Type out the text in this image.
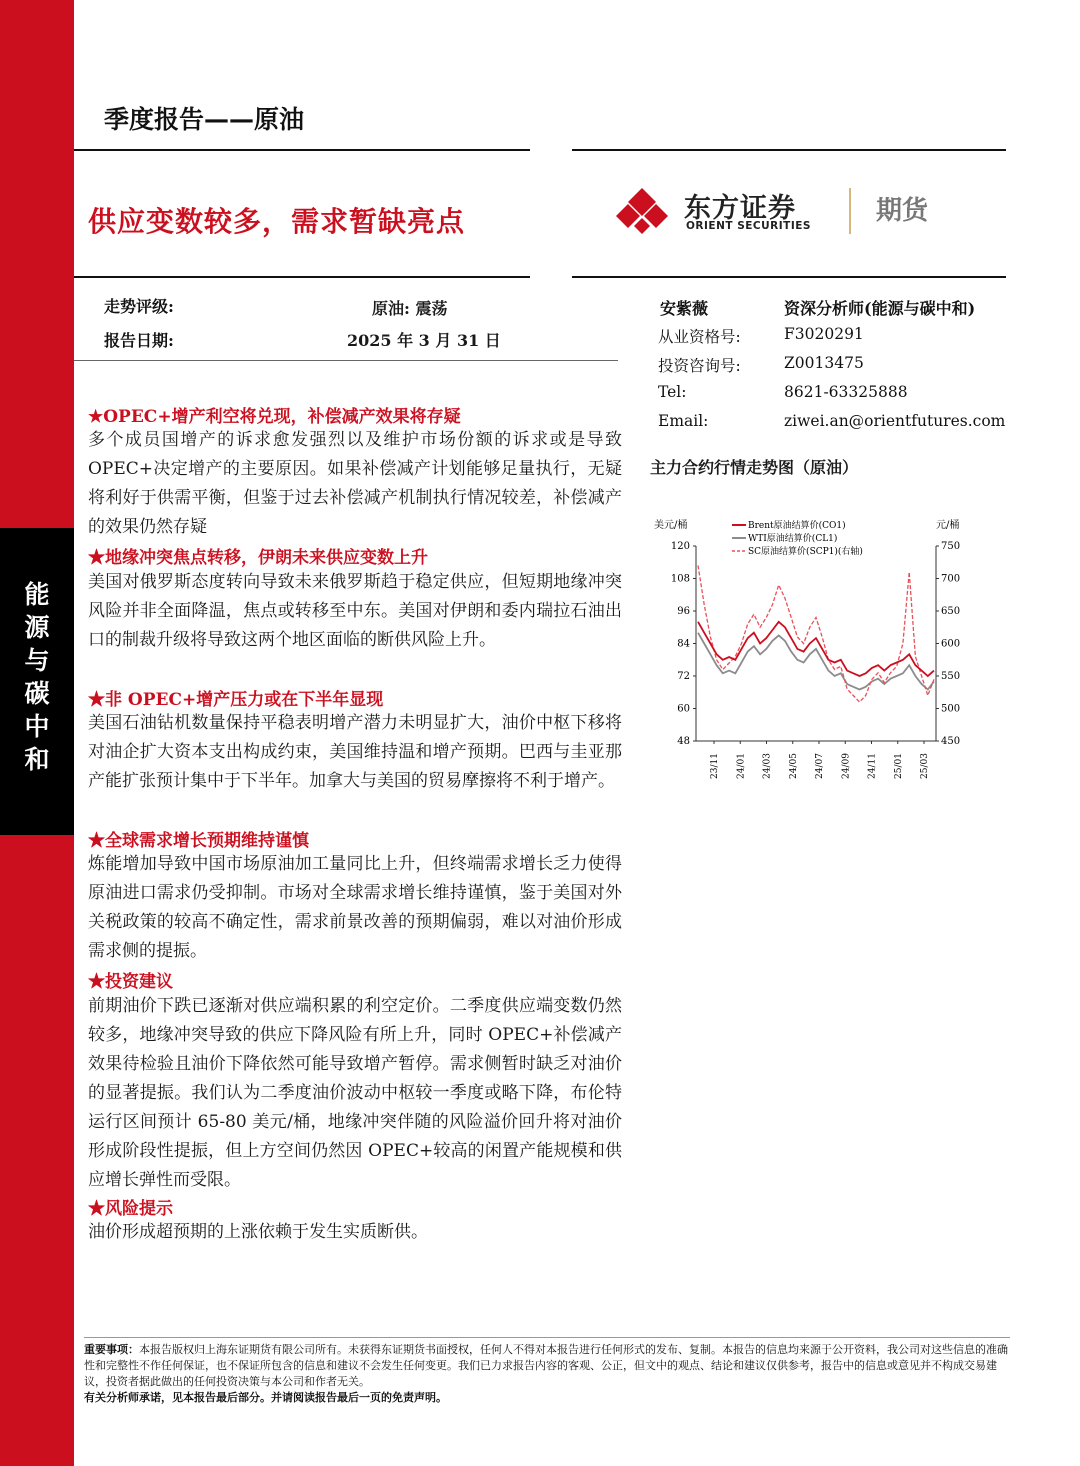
能
源
与
碳
中
和
季度报告——原油
供应变数较多，需求暂缺亮点	东方证券
ORIENT SECURITIES	期货
走势评级:	原油: 震荡
报告日期:	2025 年 3 月 31 日
安紫薇	资深分析师(能源与碳中和)
从业资格号:	F3020291
投资咨询号:	Z0013475
Tel:	8621-63325888
Email:	ziwei.an@orientfutures.com
★OPEC+增产利空将兑现，补偿减产效果将存疑

多个成员国增产的诉求愈发强烈以及维护市场份额的诉求或是导致 OPEC+决定增产的主要原因。如果补偿减产计划能够足量执行，无疑将利好于供需平衡，但鉴于过去补偿减产机制执行情况较差，补偿减产的效果仍然存疑

★地缘冲突焦点转移，伊朗未来供应变数上升

美国对俄罗斯态度转向导致未来俄罗斯趋于稳定供应，但短期地缘冲突风险并非全面降温，焦点或转移至中东。美国对伊朗和委内瑞拉石油出口的制裁升级将导致这两个地区面临的断供风险上升。

★非 OPEC+增产压力或在下半年显现

美国石油钻机数量保持平稳表明增产潜力未明显扩大，油价中枢下移将对油企扩大资本支出构成约束，美国维持温和增产预期。巴西与圭亚那产能扩张预计集中于下半年。加拿大与美国的贸易摩擦将不利于增产。

★全球需求增长预期维持谨慎

炼能增加导致中国市场原油加工量同比上升，但终端需求增长乏力使得原油进口需求仍受抑制。市场对全球需求增长维持谨慎，鉴于美国对外关税政策的较高不确定性，需求前景改善的预期偏弱，难以对油价形成需求侧的提振。

★投资建议

前期油价下跌已逐渐对供应端积累的利空定价。二季度供应端变数仍然较多，地缘冲突导致的供应下降风险有所上升，同时 OPEC+补偿减产效果待检验且油价下降依然可能导致增产暂停。需求侧暂时缺乏对油价的显著提振。我们认为二季度油价波动中枢较一季度或略下降，布伦特运行区间预计 65-80 美元/桶，地缘冲突伴随的风险溢价回升将对油价形成阶段性提振，但上方空间仍然因 OPEC+较高的闲置产能规模和供应增长弹性而受限。

★风险提示

油价形成超预期的上涨依赖于发生实质断供。

主力合约行情走势图（原油）
美元/桶	元/桶
Brent原油结算价(CO1)
WTI原油结算价(CL1)
SC原油结算价(SCP1)(右轴)
48
60
72
84
96
108
120
450
500
550
600
650
700
750
23/11 24/01 24/03 24/05 24/07 24/09 24/11 25/01 25/03
重要事项：本报告版权归上海东证期货有限公司所有。未获得东证期货书面授权，任何人不得对本报告进行任何形式的发布、复制。本报告的信息均来源于公开资料，我公司对这些信息的准确性和完整性不作任何保证，也不保证所包含的信息和建议不会发生任何变更。我们已力求报告内容的客观、公正，但文中的观点、结论和建议仅供参考，报告中的信息或意见并不构成交易建议，投资者据此做出的任何投资决策与本公司和作者无关。
有关分析师承诺，见本报告最后部分。并请阅读报告最后一页的免责声明。
